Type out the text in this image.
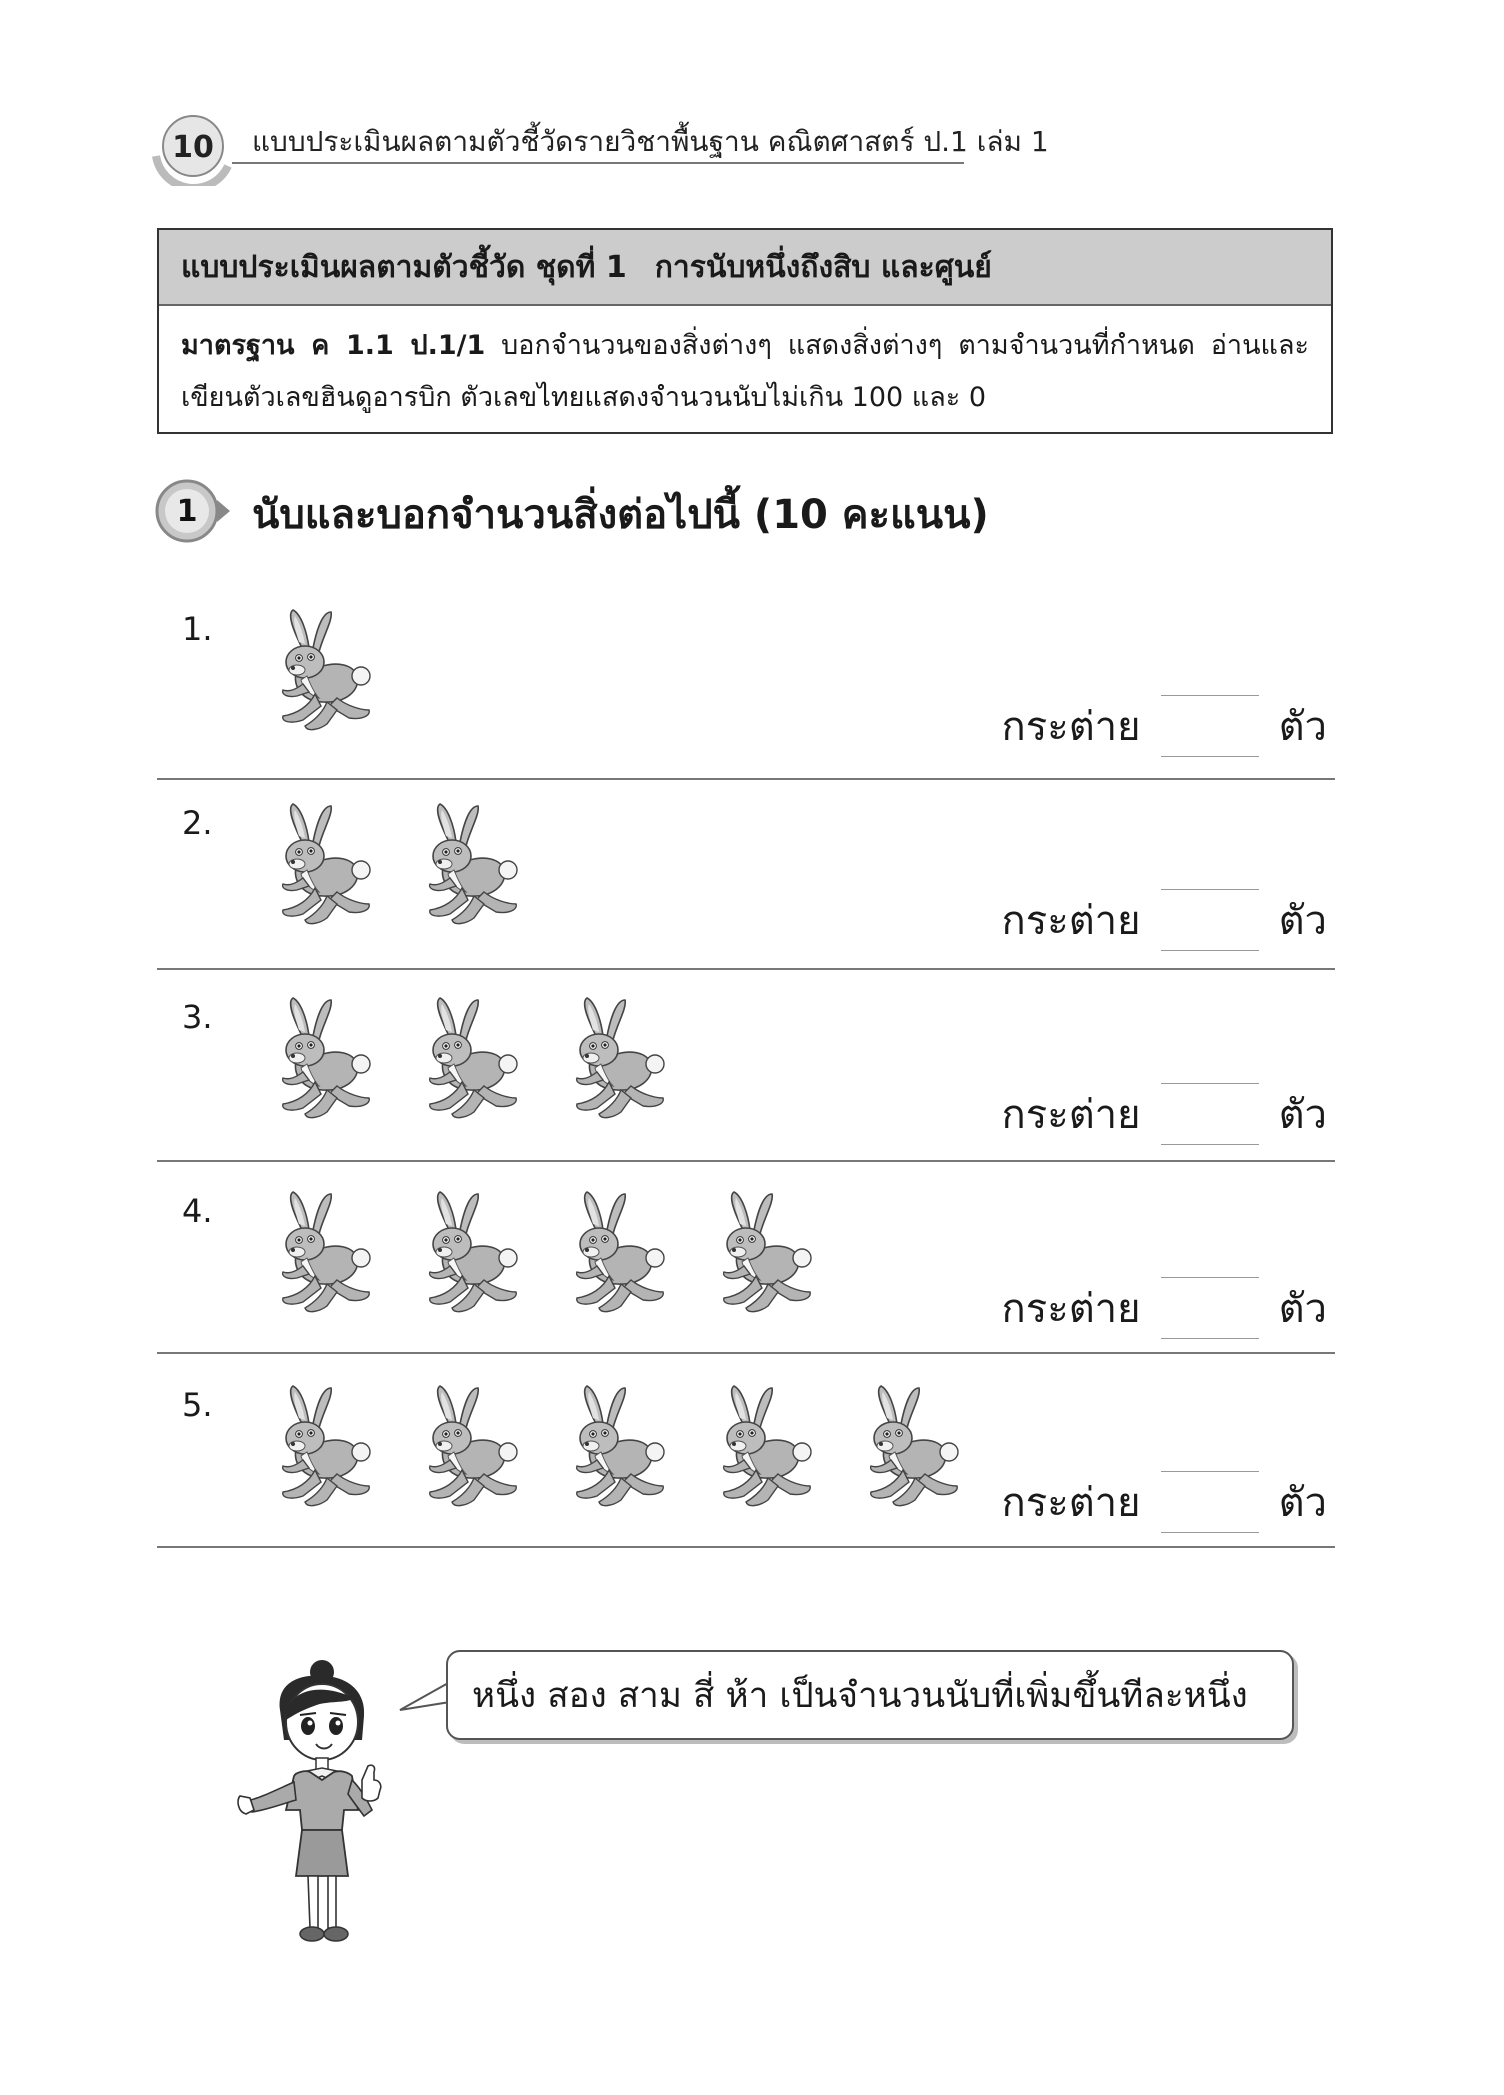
10	แบบประเมินผลตามตัวชี้วัดรายวิชาพื้นฐาน คณิตศาสตร์ ป.1 เล่ม 1
แบบประเมินผลตามตัวชี้วัด ชุดที่ 1 การนับหนึ่งถึงสิบ และศูนย์
มาตรฐาน ค 1.1 ป.1/1 บอกจำนวนของสิ่งต่างๆ แสดงสิ่งต่างๆ ตามจำนวนที่กำหนด อ่านและเขียนตัวเลขฮินดูอารบิก ตัวเลขไทยแสดงจำนวนนับไม่เกิน 100 และ 0
1	นับและบอกจำนวนสิ่งต่อไปนี้ (10 คะแนน)
1.
กระต่าย	ตัว
2.
กระต่าย	ตัว
3.
กระต่าย	ตัว
4.
กระต่าย	ตัว
5.
กระต่าย	ตัว
หนึ่ง สอง สาม สี่ ห้า เป็นจำนวนนับที่เพิ่มขึ้นทีละหนึ่ง
